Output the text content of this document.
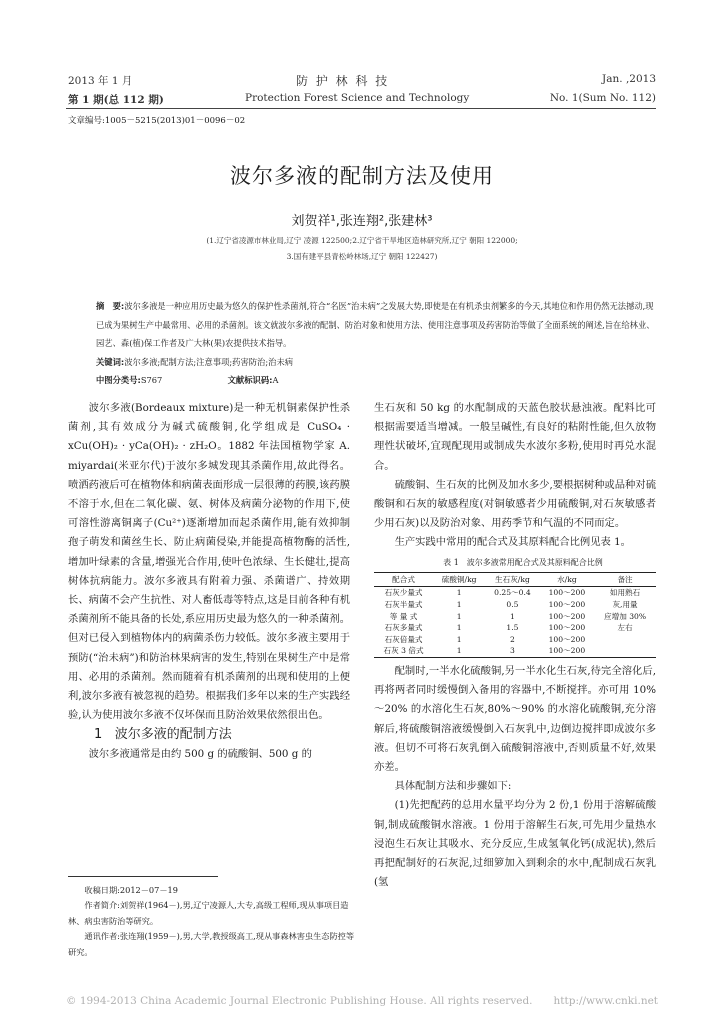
2013 年 1 月	防 护 林 科 技	Jan. ,2013
第 1 期(总 112 期)	Protection Forest Science and Technology	No. 1(Sum No. 112)
文章编号:1005－5215(2013)01－0096－02
波尔多液的配制方法及使用
刘贺祥¹,张连翔²,张建林³
(1.辽宁省凌源市林业局,辽宁 凌源 122500;2.辽宁省干旱地区造林研究所,辽宁 朝阳 122000;
3.国有建平县青松岭林场,辽宁 朝阳 122427)
摘　要:波尔多液是一种应用历史最为悠久的保护性杀菌剂,符合“名医”治未病”之发展大势,即使是在有机杀虫剂繁多的今天,其地位和作用仍然无法撼动,现已成为果树生产中最常用、必用的杀菌剂。该文就波尔多液的配制、防治对象和使用方法、使用注意事项及药害防治等做了全面系统的阐述,旨在给林业、园艺、森(植)保工作者及广大林(果)农提供技术指导。
关键词:波尔多液;配制方法;注意事项;药害防治;治未病
中图分类号:S767	文献标识码:A

波尔多液(Bordeaux mixture)是一种无机铜素保护性杀菌剂,其有效成分为碱式硫酸铜,化学组成是 CuSO₄ · xCu(OH)₂ · yCa(OH)₂ · zH₂O。1882 年法国植物学家 A. miyardai(米亚尔代)于波尔多城发现其杀菌作用,故此得名。喷洒药液后可在植物体和病菌表面形成一层很薄的药膜,该药膜不溶于水,但在二氧化碳、氨、树体及病菌分泌物的作用下,使可溶性游离铜离子(Cu²⁺)逐渐增加而起杀菌作用,能有效抑制孢子萌发和菌丝生长、防止病菌侵染,并能提高植物酶的活性,增加叶绿素的含量,增强光合作用,使叶色浓绿、生长健壮,提高树体抗病能力。波尔多液具有附着力强、杀菌谱广、持效期长、病菌不会产生抗性、对人畜低毒等特点,这是目前各种有机杀菌剂所不能具备的长处,系应用历史最为悠久的一种杀菌剂。但对已侵入到植物体内的病菌杀伤力较低。波尔多液主要用于预防(“治未病”)和防治林果病害的发生,特别在果树生产中是常用、必用的杀菌剂。然而随着有机杀菌剂的出现和使用的上便利,波尔多液有被忽视的趋势。根据我们多年以来的生产实践经验,认为使用波尔多液不仅坏保而且防治效果依然很出色。

1 波尔多液的配制方法

波尔多液通常是由约 500 g 的硫酸铜、500 g 的

收稿日期:2012－07－19

作者简介:刘贺祥(1964－),男,辽宁凌源人,大专,高级工程师,现从事项目造林、病虫害防治等研究。

通讯作者:张连翔(1959－),男,大学,教授级高工,现从事森林害虫生态防控等研究。

生石灰和 50 kg 的水配制成的天蓝色胶状悬浊液。配料比可根据需要适当增减。一般呈碱性,有良好的粘附性能,但久放物理性状破坏,宜现配现用或制成失水波尔多粉,使用时再兑水混合。

硫酸铜、生石灰的比例及加水多少,要根据树种或品种对硫酸铜和石灰的敏感程度(对铜敏感者少用硫酸铜,对石灰敏感者少用石灰)以及防治对象、用药季节和气温的不同而定。

生产实践中常用的配合式及其原料配合比例见表 1。

表 1　波尔多液常用配合式及其原料配合比例

配合式	硫酸铜/kg	生石灰/kg	水/kg	备注
石灰少量式	1	0.25～0.4	100～200	如用熟石
石灰半量式	1	0.5	100～200	灰,用量
等 量 式	1	1	100～200	应增加 30%
石灰多量式	1	1.5	100～200	左右
石灰倍量式	1	2	100～200	
石灰 3 倍式	1	3	100～200	

配制时,一半水化硫酸铜,另一半水化生石灰,待完全溶化后,再将两者同时缓慢倒入备用的容器中,不断搅拌。亦可用 10%～20% 的水溶化生石灰,80%～90% 的水溶化硫酸铜,充分溶解后,将硫酸铜溶液缓慢倒入石灰乳中,边倒边搅拌即成波尔多液。但切不可将石灰乳倒入硫酸铜溶液中,否则质量不好,效果亦差。

具体配制方法和步骤如下:

(1)先把配药的总用水量平均分为 2 份,1 份用于溶解硫酸铜,制成硫酸铜水溶液。1 份用于溶解生石灰,可先用少量热水浸泡生石灰让其吸水、充分反应,生成氢氧化钙(成泥状),然后再把配制好的石灰泥,过细箩加入到剩余的水中,配制成石灰乳(氢

© 1994-2013 China Academic Journal Electronic Publishing House. All rights reserved.　　http://www.cnki.net
